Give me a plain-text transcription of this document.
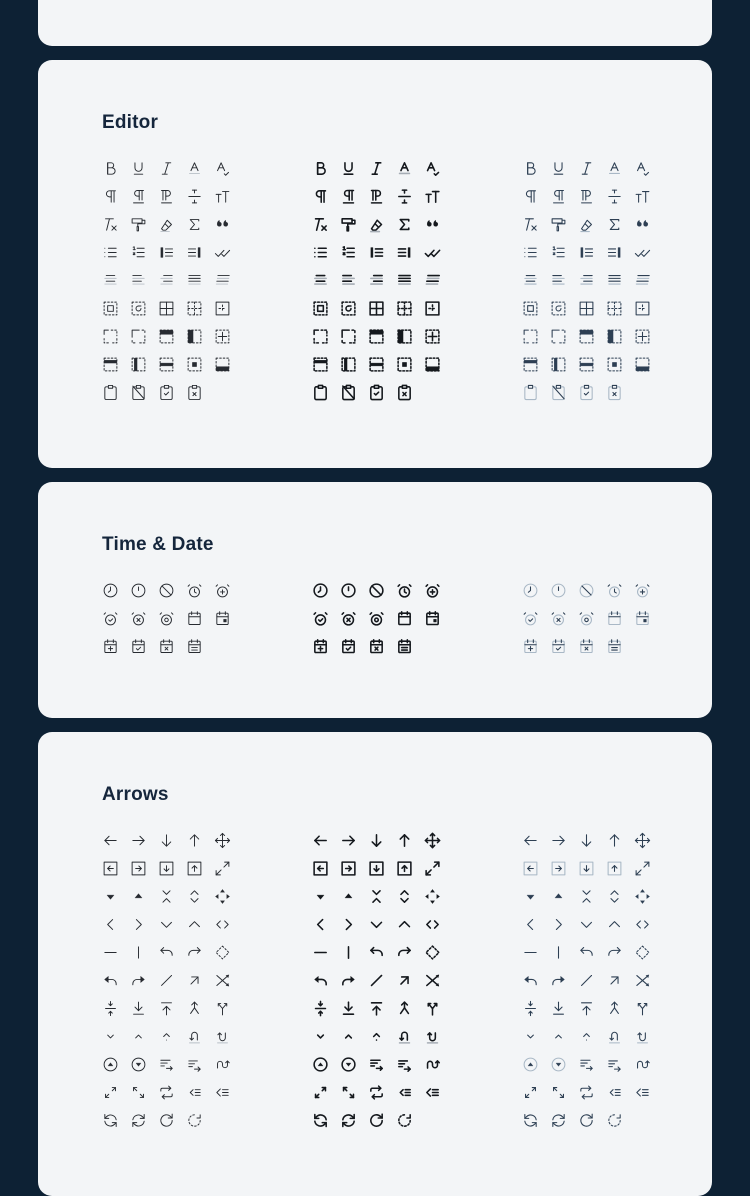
Editor
Time & Date
Arrows
